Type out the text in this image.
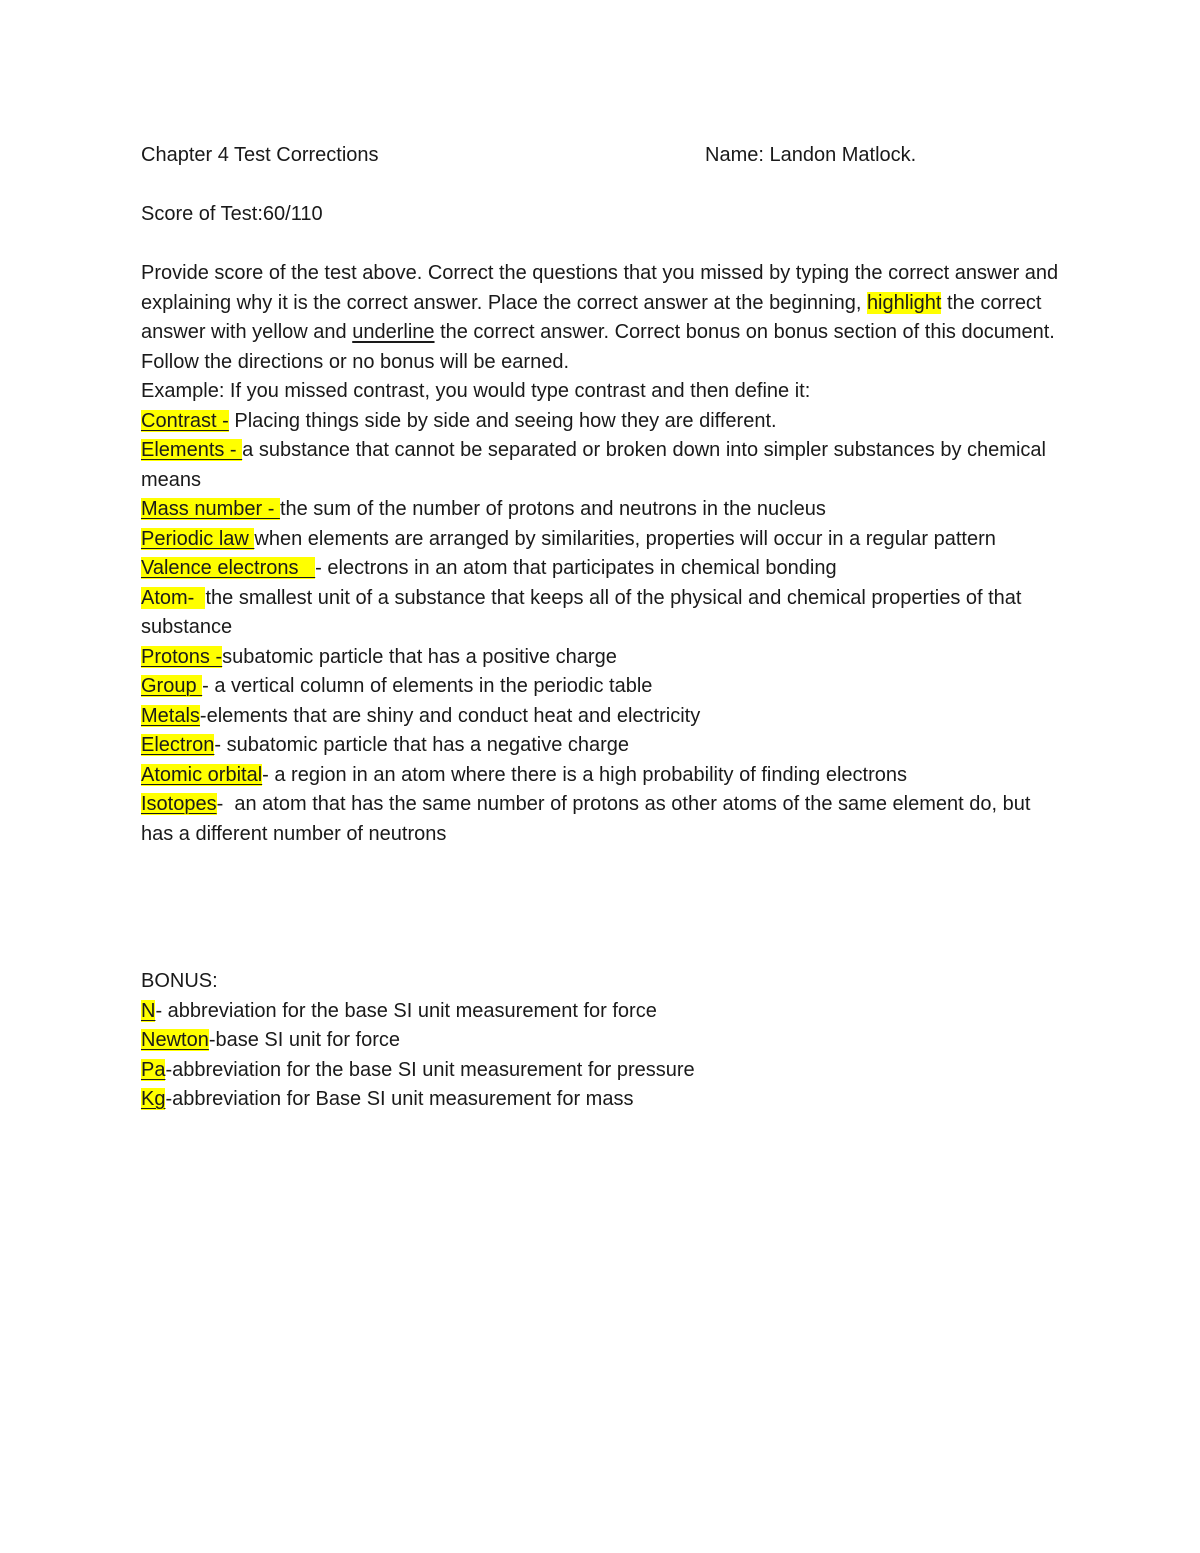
Chapter 4 Test Corrections	Name: Landon Matlock.
Score of Test:60/110

Provide score of the test above. Correct the questions that you missed by typing the correct answer and explaining why it is the correct answer. Place the correct answer at the beginning, highlight the correct answer with yellow and underline the correct answer. Correct bonus on bonus section of this document. Follow the directions or no bonus will be earned.

Example: If you missed contrast, you would type contrast and then define it:
Contrast - Placing things side by side and seeing how they are different.
Elements - a substance that cannot be separated or broken down into simpler substances by chemical means
Mass number - the sum of the number of protons and neutrons in the nucleus
Periodic law when elements are arranged by similarities, properties will occur in a regular pattern
Valence electrons   - electrons in an atom that participates in chemical bonding
Atom-  the smallest unit of a substance that keeps all of the physical and chemical properties of that substance
Protons -subatomic particle that has a positive charge
Group - a vertical column of elements in the periodic table
Metals-elements that are shiny and conduct heat and electricity
Electron- subatomic particle that has a negative charge
Atomic orbital- a region in an atom where there is a high probability of finding electrons
Isotopes-  an atom that has the same number of protons as other atoms of the same element do, but has a different number of neutrons
BONUS:
N- abbreviation for the base SI unit measurement for force
Newton-base SI unit for force
Pa-abbreviation for the base SI unit measurement for pressure
Kg-abbreviation for Base SI unit measurement for mass
